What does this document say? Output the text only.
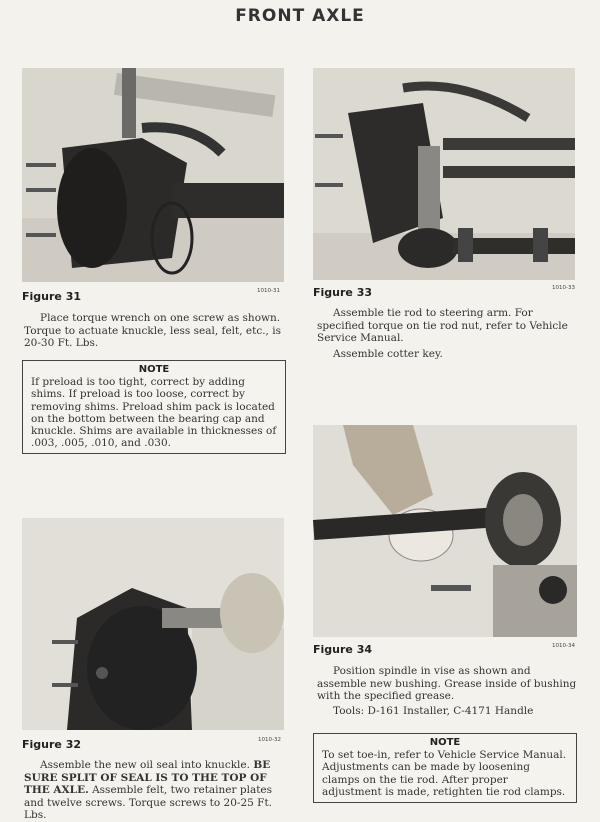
FRONT AXLE
Figure 31	1010-31

Place torque wrench on one screw as shown. Torque to actuate knuckle, less seal, felt, etc., is 20-30 Ft. Lbs.

NOTE
If preload is too tight, correct by adding shims. If preload is too loose, correct by removing shims. Preload shim pack is located on the bottom between the bearing cap and knuckle. Shims are available in thicknesses of .003, .005, .010, and .030.
Figure 32	1010-32

Assemble the new oil seal into knuckle. BE SURE SPLIT OF SEAL IS TO THE TOP OF THE AXLE. Assemble felt, two retainer plates and twelve screws. Torque screws to 20-25 Ft. Lbs.

Figure 33	1010-33

Assemble tie rod to steering arm. For specified torque on tie rod nut, refer to Vehicle Service Manual.

Assemble cotter key.

Figure 34	1010-34

Position spindle in vise as shown and assemble new bushing. Grease inside of bushing with the specified grease.

Tools: D-161 Installer, C-4171 Handle

NOTE
To set toe-in, refer to Vehicle Service Manual. Adjustments can be made by loosening clamps on the tie rod. After proper adjustment is made, retighten tie rod clamps.
